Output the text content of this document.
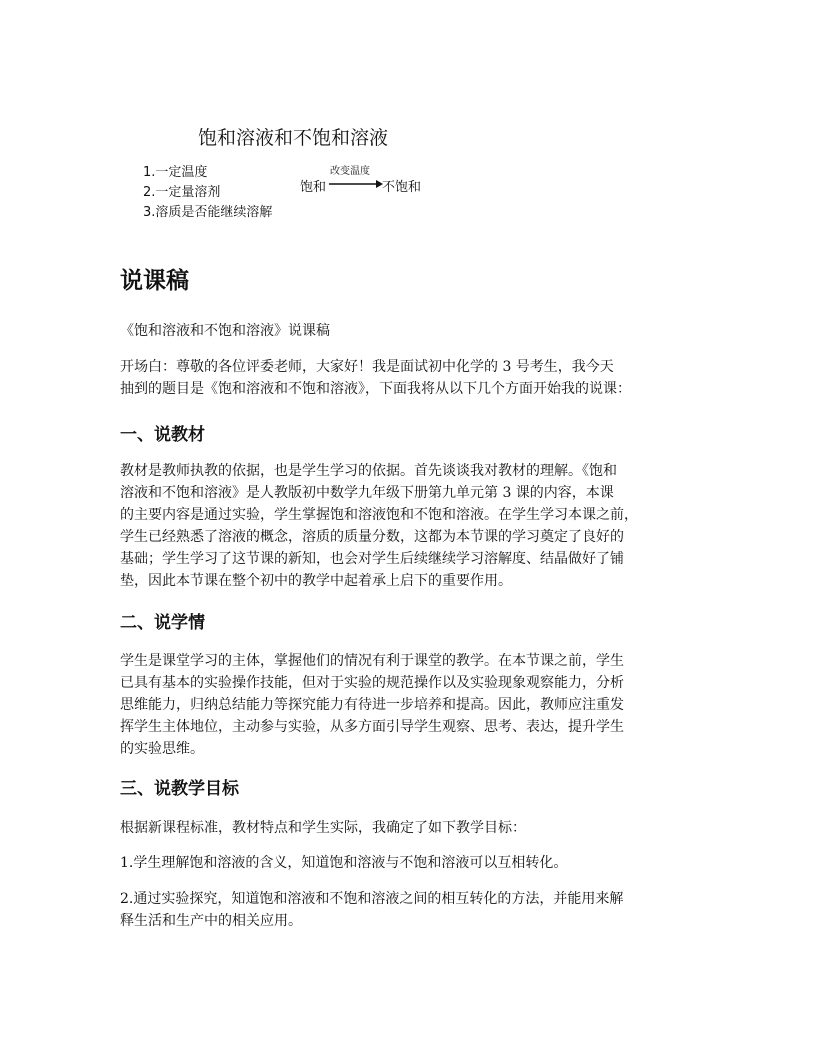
饱和溶液和不饱和溶液
1.一定温度
2.一定量溶剂
3.溶质是否能继续溶解
改变温度
饱和	不饱和
说课稿
《饱和溶液和不饱和溶液》说课稿

开场白：尊敬的各位评委老师，大家好！我是面试初中化学的 3 号考生，我今天
抽到的题目是《饱和溶液和不饱和溶液》，下面我将从以下几个方面开始我的说课：

一、说教材

教材是教师执教的依据，也是学生学习的依据。首先谈谈我对教材的理解。《饱和
溶液和不饱和溶液》是人教版初中数学九年级下册第九单元第 3 课的内容，本课
的主要内容是通过实验，学生掌握饱和溶液饱和不饱和溶液。在学生学习本课之前，
学生已经熟悉了溶液的概念，溶质的质量分数，这都为本节课的学习奠定了良好的
基础；学生学习了这节课的新知，也会对学生后续继续学习溶解度、结晶做好了铺
垫，因此本节课在整个初中的教学中起着承上启下的重要作用。

二、说学情

学生是课堂学习的主体，掌握他们的情况有利于课堂的教学。在本节课之前，学生
已具有基本的实验操作技能，但对于实验的规范操作以及实验现象观察能力，分析
思维能力，归纳总结能力等探究能力有待进一步培养和提高。因此，教师应注重发
挥学生主体地位，主动参与实验，从多方面引导学生观察、思考、表达，提升学生
的实验思维。

三、说教学目标

根据新课程标准，教材特点和学生实际，我确定了如下教学目标：

1.学生理解饱和溶液的含义，知道饱和溶液与不饱和溶液可以互相转化。

2.通过实验探究，知道饱和溶液和不饱和溶液之间的相互转化的方法，并能用来解
释生活和生产中的相关应用。
